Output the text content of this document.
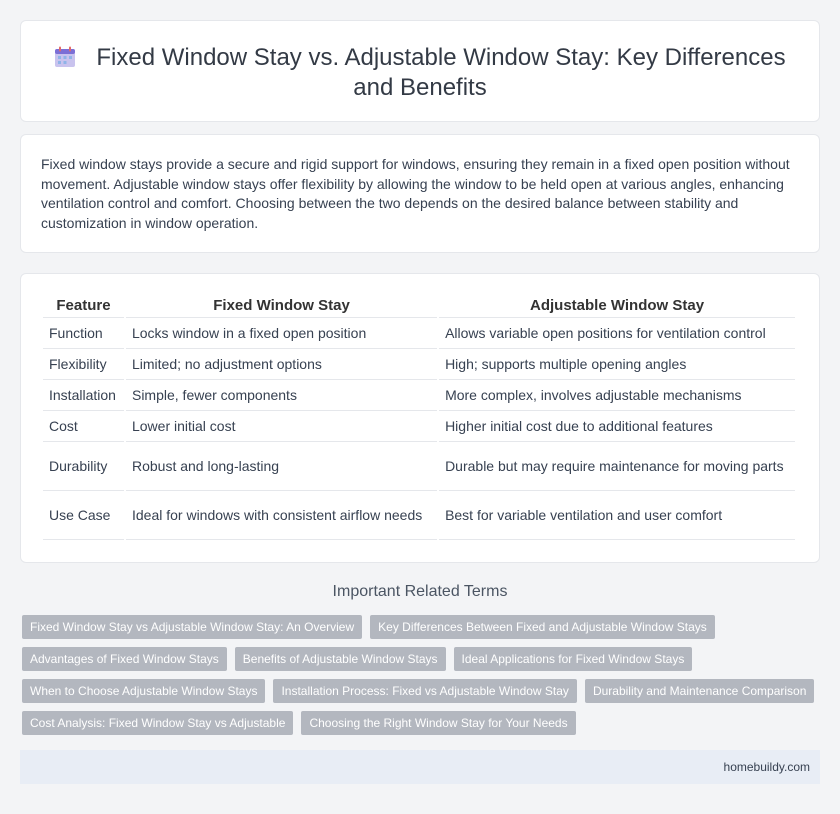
Fixed Window Stay vs. Adjustable Window Stay: Key Differences and Benefits

Fixed window stays provide a secure and rigid support for windows, ensuring they remain in a fixed open position without movement. Adjustable window stays offer flexibility by allowing the window to be held open at various angles, enhancing ventilation control and comfort. Choosing between the two depends on the desired balance between stability and customization in window operation.

Feature	Fixed Window Stay	Adjustable Window Stay
Function	Locks window in a fixed open position	Allows variable open positions for ventilation control
Flexibility	Limited; no adjustment options	High; supports multiple opening angles
Installation	Simple, fewer components	More complex, involves adjustable mechanisms
Cost	Lower initial cost	Higher initial cost due to additional features
Durability	Robust and long-lasting	Durable but may require maintenance for moving parts
Use Case	Ideal for windows with consistent airflow needs	Best for variable ventilation and user comfort
Important Related Terms
Fixed Window Stay vs Adjustable Window Stay: An Overview	Key Differences Between Fixed and Adjustable Window Stays
Advantages of Fixed Window Stays	Benefits of Adjustable Window Stays	Ideal Applications for Fixed Window Stays
When to Choose Adjustable Window Stays	Installation Process: Fixed vs Adjustable Window Stay	Durability and Maintenance Comparison
Cost Analysis: Fixed Window Stay vs Adjustable	Choosing the Right Window Stay for Your Needs
homebuildy.com
